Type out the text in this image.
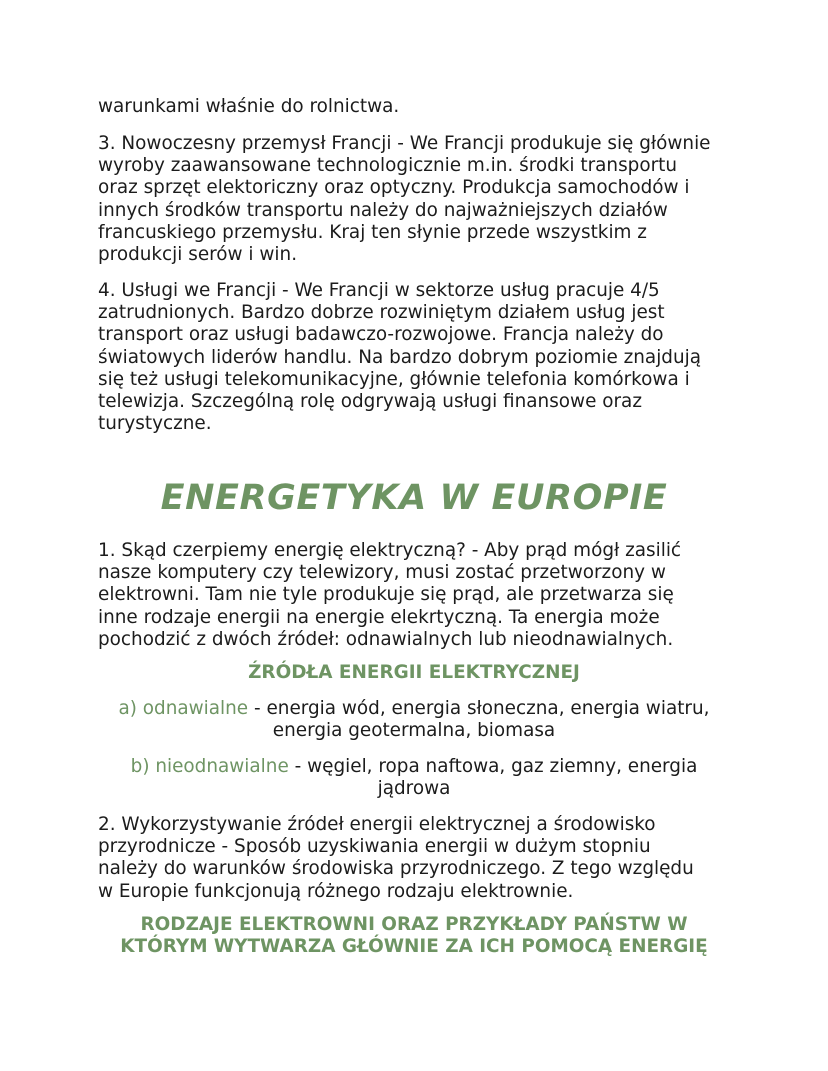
warunkami właśnie do rolnictwa.

3. Nowoczesny przemysł Francji - We Francji produkuje się głównie
wyroby zaawansowane technologicznie m.in. środki transportu
oraz sprzęt elektoriczny oraz optyczny. Produkcja samochodów i
innych środków transportu należy do najważniejszych działów
francuskiego przemysłu. Kraj ten słynie przede wszystkim z
produkcji serów i win.

4. Usługi we Francji - We Francji w sektorze usług pracuje 4/5
zatrudnionych. Bardzo dobrze rozwiniętym działem usług jest
transport oraz usługi badawczo-rozwojowe. Francja należy do
światowych liderów handlu. Na bardzo dobrym poziomie znajdują
się też usługi telekomunikacyjne, głównie telefonia komórkowa i
telewizja. Szczególną rolę odgrywają usługi finansowe oraz
turystyczne.

ENERGETYKA W EUROPIE

1. Skąd czerpiemy energię elektryczną? - Aby prąd mógł zasilić
nasze komputery czy telewizory, musi zostać przetworzony w
elektrowni. Tam nie tyle produkuje się prąd, ale przetwarza się
inne rodzaje energii na energie elekrtyczną. Ta energia może
pochodzić z dwóch źródeł: odnawialnych lub nieodnawialnych.

ŹRÓDŁA ENERGII ELEKTRYCZNEJ
a) odnawialne - energia wód, energia słoneczna, energia wiatru,
energia geotermalna, biomasa
b) nieodnawialne - węgiel, ropa naftowa, gaz ziemny, energia
jądrowa

2. Wykorzystywanie źródeł energii elektrycznej a środowisko
przyrodnicze - Sposób uzyskiwania energii w dużym stopniu
należy do warunków środowiska przyrodniczego. Z tego względu
w Europie funkcjonują różnego rodzaju elektrownie.

RODZAJE ELEKTROWNI ORAZ PRZYKŁADY PAŃSTW W
KTÓRYM WYTWARZA GŁÓWNIE ZA ICH POMOCĄ ENERGIĘ
